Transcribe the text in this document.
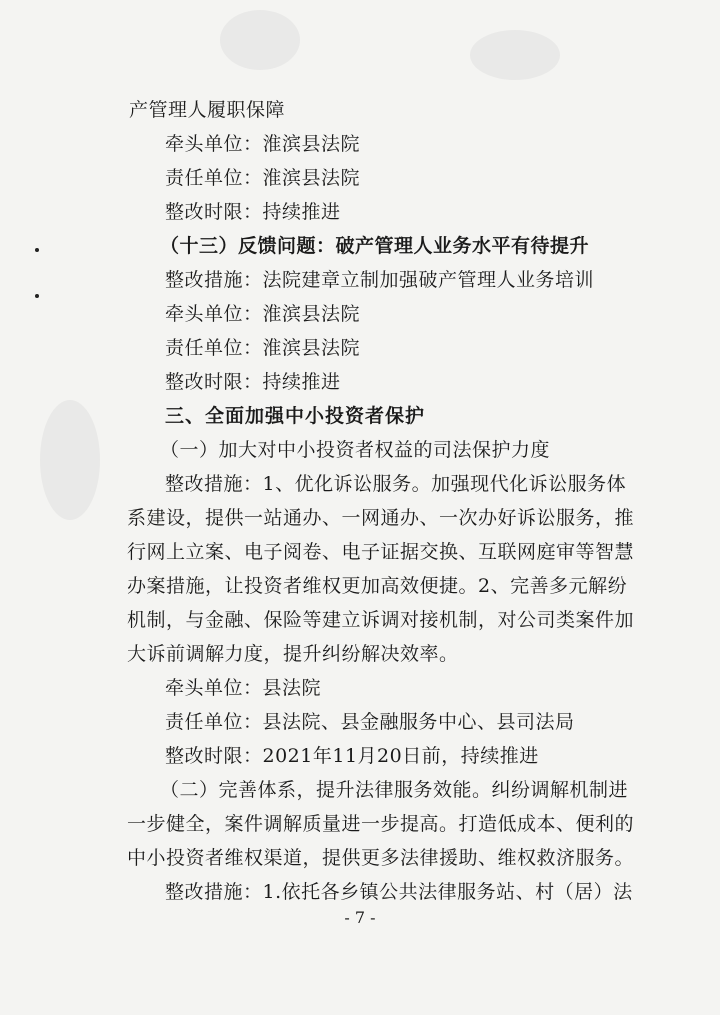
产管理人履职保障
牵头单位：淮滨县法院
责任单位：淮滨县法院
整改时限：持续推进
（十三）反馈问题：破产管理人业务水平有待提升
整改措施：法院建章立制加强破产管理人业务培训
牵头单位：淮滨县法院
责任单位：淮滨县法院
整改时限：持续推进
三、全面加强中小投资者保护
（一）加大对中小投资者权益的司法保护力度
整改措施：1、优化诉讼服务。加强现代化诉讼服务体
系建设，提供一站通办、一网通办、一次办好诉讼服务，推
行网上立案、电子阅卷、电子证据交换、互联网庭审等智慧
办案措施，让投资者维权更加高效便捷。2、完善多元解纷
机制，与金融、保险等建立诉调对接机制，对公司类案件加
大诉前调解力度，提升纠纷解决效率。
牵头单位：县法院
责任单位：县法院、县金融服务中心、县司法局
整改时限：2021年11月20日前，持续推进
（二）完善体系，提升法律服务效能。纠纷调解机制进
一步健全，案件调解质量进一步提高。打造低成本、便利的
中小投资者维权渠道，提供更多法律援助、维权救济服务。
整改措施：1.依托各乡镇公共法律服务站、村（居）法
- 7 -
